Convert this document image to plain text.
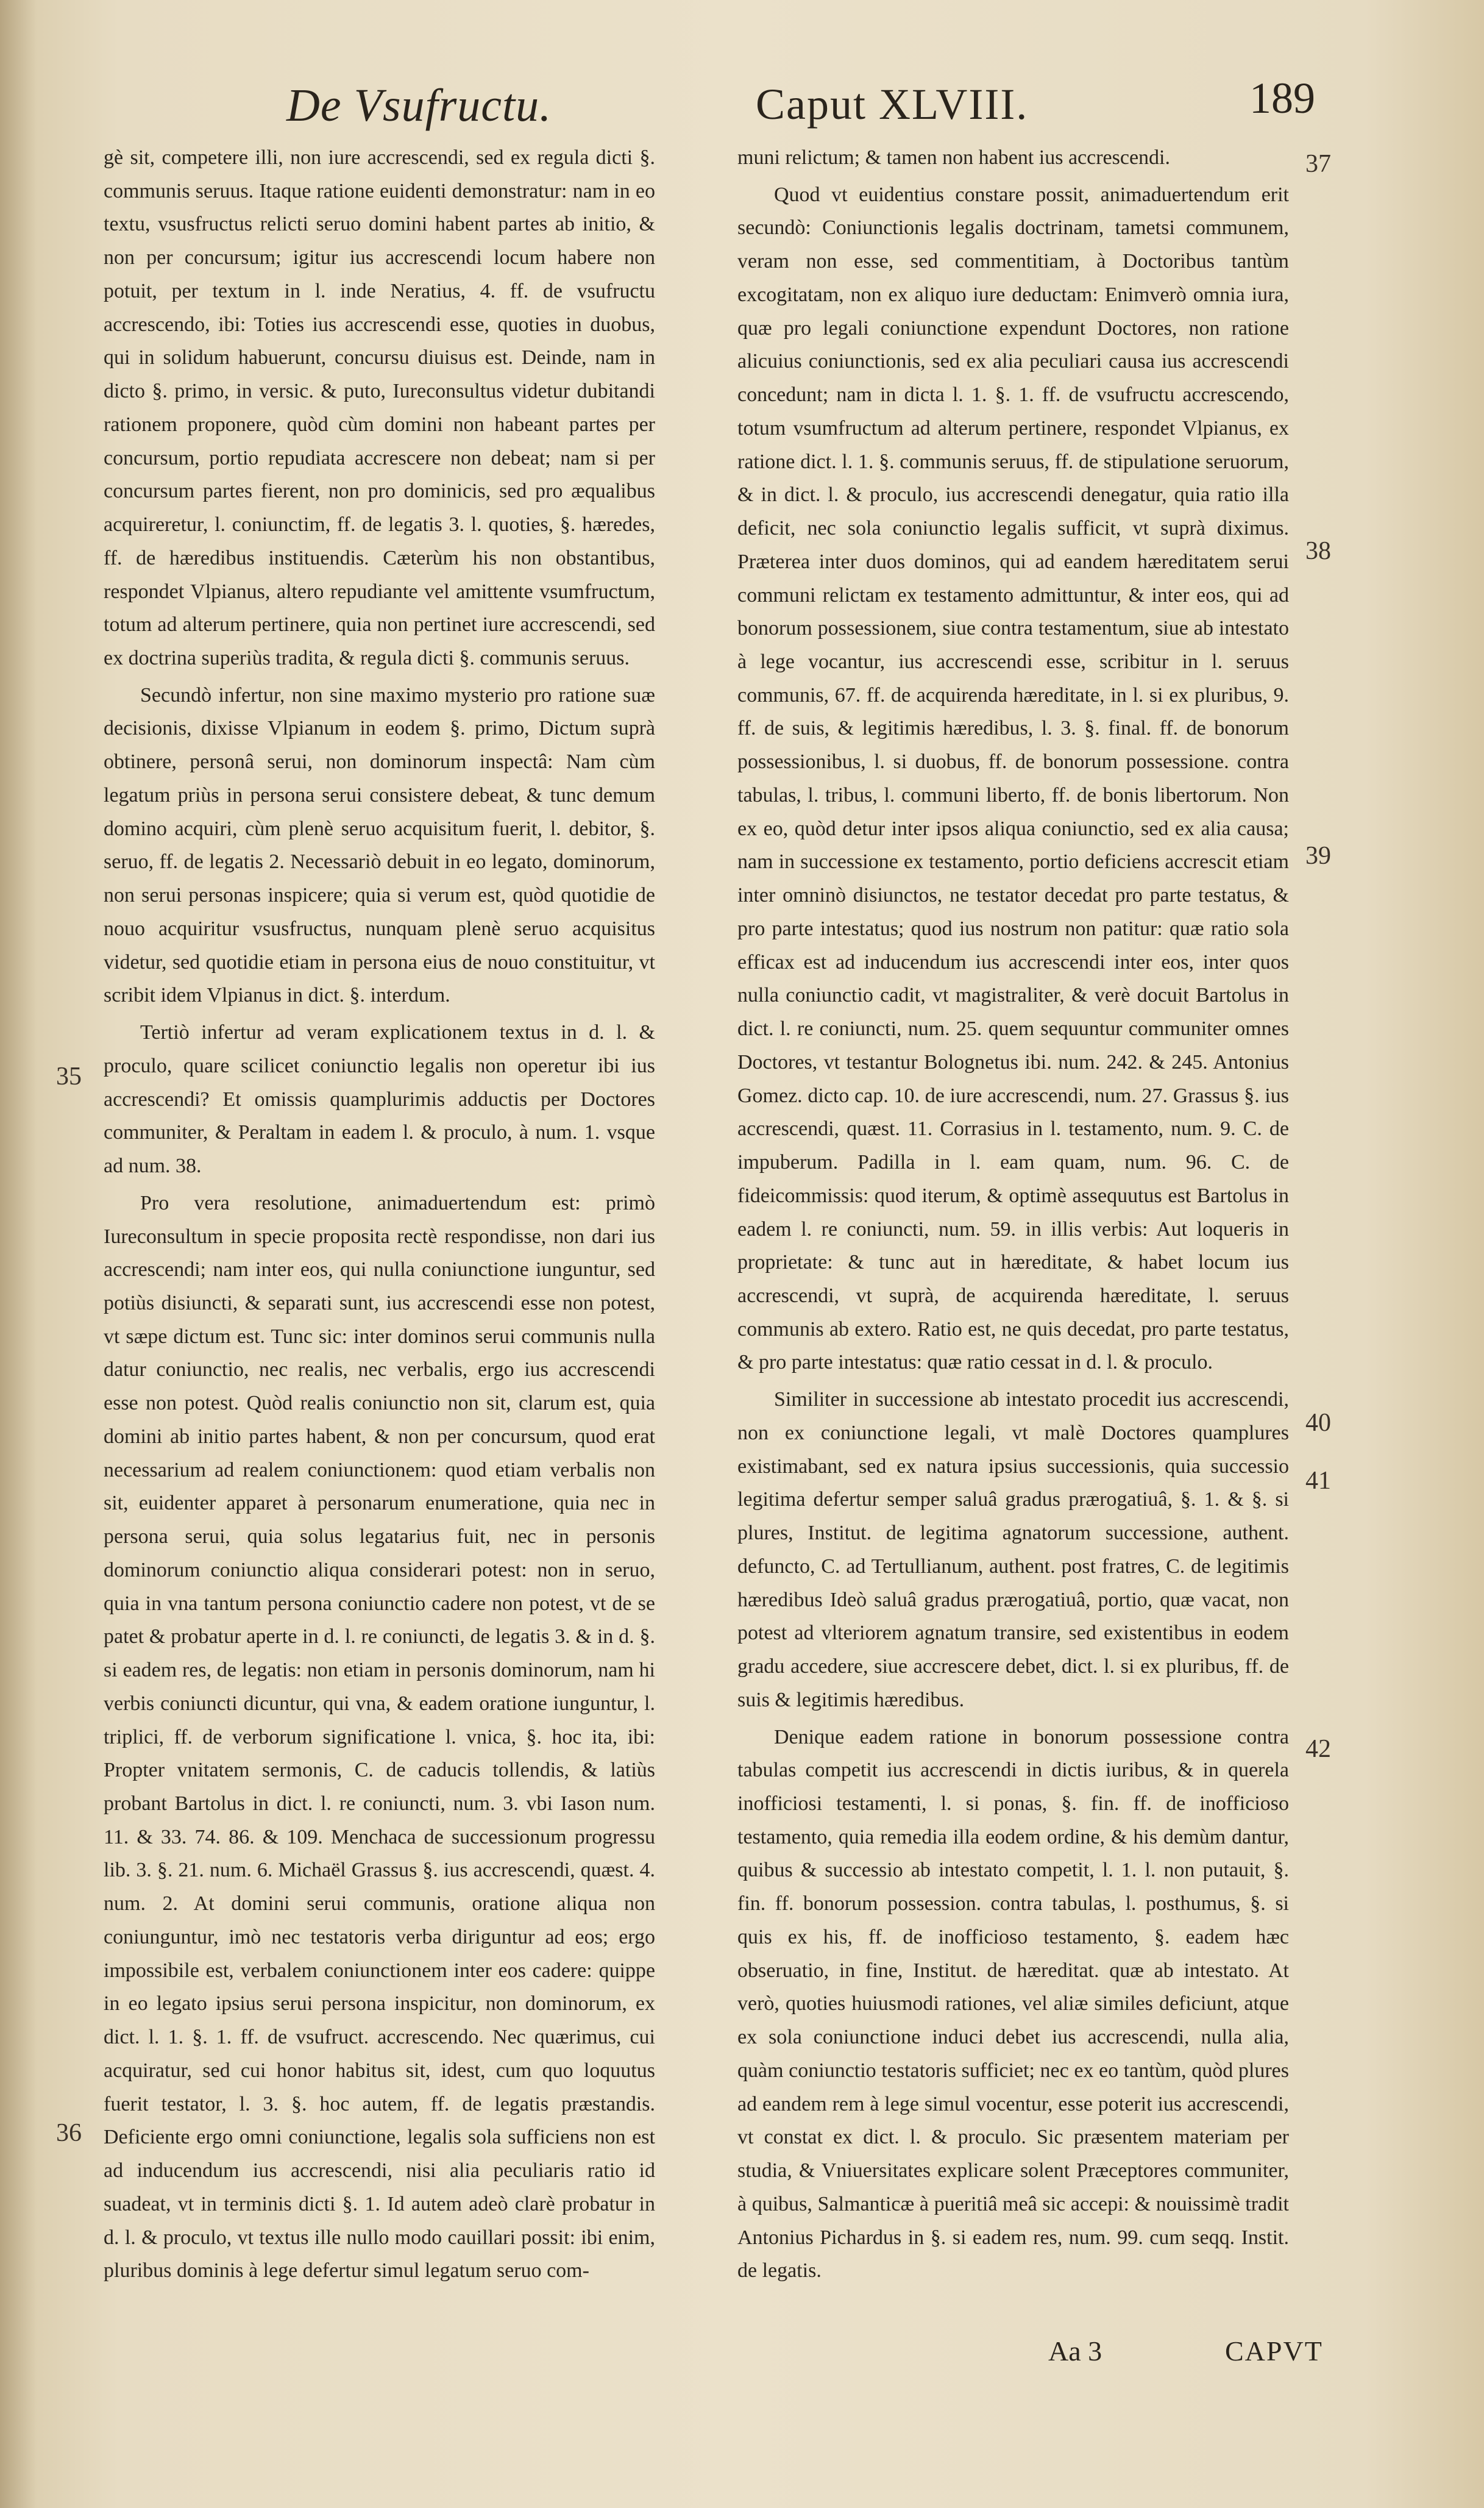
De Vsufructu.	Caput XLVIII.	189

gè sit, competere illi, non iure accrescendi, sed ex regula dicti §. communis seruus. Itaque ratione euidenti demonstratur: nam in eo textu, vsusfructus relicti seruo domini habent partes ab initio, & non per concursum; igitur ius accrescendi locum habere non potuit, per textum in l. inde Neratius, 4. ff. de vsufructu accrescendo, ibi: Toties ius accrescendi esse, quoties in duobus, qui in solidum habuerunt, concursu diuisus est. Deinde, nam in dicto §. primo, in versic. & puto, Iureconsultus videtur dubitandi rationem proponere, quòd cùm domini non habeant partes per concursum, portio repudiata accrescere non debeat; nam si per concursum partes fierent, non pro dominicis, sed pro æqualibus acquireretur, l. coniunctim, ff. de legatis 3. l. quoties, §. hæredes, ff. de hæredibus instituendis. Cæterùm his non obstantibus, respondet Vlpianus, altero repudiante vel amittente vsumfructum, totum ad alterum pertinere, quia non pertinet iure accrescendi, sed ex doctrina superiùs tradita, & regula dicti §. communis seruus.

Secundò infertur, non sine maximo mysterio pro ratione suæ decisionis, dixisse Vlpianum in eodem §. primo, Dictum suprà obtinere, personâ serui, non dominorum inspectâ: Nam cùm legatum priùs in persona serui consistere debeat, & tunc demum domino acquiri, cùm plenè seruo acquisitum fuerit, l. debitor, §. seruo, ff. de legatis 2. Necessariò debuit in eo legato, dominorum, non serui personas inspicere; quia si verum est, quòd quotidie de nouo acquiritur vsusfructus, nunquam plenè seruo acquisitus videtur, sed quotidie etiam in persona eius de nouo constituitur, vt scribit idem Vlpianus in dict. §. interdum.

Tertiò infertur ad veram explicationem textus in d. l. & proculo, quare scilicet coniunctio legalis non operetur ibi ius accrescendi? Et omissis quamplurimis adductis per Doctores communiter, & Peraltam in eadem l. & proculo, à num. 1. vsque ad num. 38.

Pro vera resolutione, animaduertendum est: primò Iureconsultum in specie proposita rectè respondisse, non dari ius accrescendi; nam inter eos, qui nulla coniunctione iunguntur, sed potiùs disiuncti, & separati sunt, ius accrescendi esse non potest, vt sæpe dictum est. Tunc sic: inter dominos serui communis nulla datur coniunctio, nec realis, nec verbalis, ergo ius accrescendi esse non potest. Quòd realis coniunctio non sit, clarum est, quia domini ab initio partes habent, & non per concursum, quod erat necessarium ad realem coniunctionem: quod etiam verbalis non sit, euidenter apparet à personarum enumeratione, quia nec in persona serui, quia solus legatarius fuit, nec in personis dominorum coniunctio aliqua considerari potest: non in seruo, quia in vna tantum persona coniunctio cadere non potest, vt de se patet & probatur aperte in d. l. re coniuncti, de legatis 3. & in d. §. si eadem res, de legatis: non etiam in personis dominorum, nam hi verbis coniuncti dicuntur, qui vna, & eadem oratione iunguntur, l. triplici, ff. de verborum significatione l. vnica, §. hoc ita, ibi: Propter vnitatem sermonis, C. de caducis tollendis, & latiùs probant Bartolus in dict. l. re coniuncti, num. 3. vbi Iason num. 11. & 33. 74. 86. & 109. Menchaca de successionum progressu lib. 3. §. 21. num. 6. Michaël Grassus §. ius accrescendi, quæst. 4. num. 2. At domini serui communis, oratione aliqua non coniunguntur, imò nec testatoris verba diriguntur ad eos; ergo impossibile est, verbalem coniunctionem inter eos cadere: quippe in eo legato ipsius serui persona inspicitur, non dominorum, ex dict. l. 1. §. 1. ff. de vsufruct. accrescendo. Nec quærimus, cui acquiratur, sed cui honor habitus sit, idest, cum quo loquutus fuerit testator, l. 3. §. hoc autem, ff. de legatis præstandis. Deficiente ergo omni coniunctione, legalis sola sufficiens non est ad inducendum ius accrescendi, nisi alia peculiaris ratio id suadeat, vt in terminis dicti §. 1. Id autem adeò clarè probatur in d. l. & proculo, vt textus ille nullo modo cauillari possit: ibi enim, pluribus dominis à lege defertur simul legatum seruo com-

muni relictum; & tamen non habent ius accrescendi.

Quod vt euidentius constare possit, animaduertendum erit secundò: Coniunctionis legalis doctrinam, tametsi communem, veram non esse, sed commentitiam, à Doctoribus tantùm excogitatam, non ex aliquo iure deductam: Enimverò omnia iura, quæ pro legali coniunctione expendunt Doctores, non ratione alicuius coniunctionis, sed ex alia peculiari causa ius accrescendi concedunt; nam in dicta l. 1. §. 1. ff. de vsufructu accrescendo, totum vsumfructum ad alterum pertinere, respondet Vlpianus, ex ratione dict. l. 1. §. communis seruus, ff. de stipulatione seruorum, & in dict. l. & proculo, ius accrescendi denegatur, quia ratio illa deficit, nec sola coniunctio legalis sufficit, vt suprà diximus. Præterea inter duos dominos, qui ad eandem hæreditatem serui communi relictam ex testamento admittuntur, & inter eos, qui ad bonorum possessionem, siue contra testamentum, siue ab intestato à lege vocantur, ius accrescendi esse, scribitur in l. seruus communis, 67. ff. de acquirenda hæreditate, in l. si ex pluribus, 9. ff. de suis, & legitimis hæredibus, l. 3. §. final. ff. de bonorum possessionibus, l. si duobus, ff. de bonorum possessione. contra tabulas, l. tribus, l. communi liberto, ff. de bonis libertorum. Non ex eo, quòd detur inter ipsos aliqua coniunctio, sed ex alia causa; nam in successione ex testamento, portio deficiens accrescit etiam inter omninò disiunctos, ne testator decedat pro parte testatus, & pro parte intestatus; quod ius nostrum non patitur: quæ ratio sola efficax est ad inducendum ius accrescendi inter eos, inter quos nulla coniunctio cadit, vt magistraliter, & verè docuit Bartolus in dict. l. re coniuncti, num. 25. quem sequuntur communiter omnes Doctores, vt testantur Bolognetus ibi. num. 242. & 245. Antonius Gomez. dicto cap. 10. de iure accrescendi, num. 27. Grassus §. ius accrescendi, quæst. 11. Corrasius in l. testamento, num. 9. C. de impuberum. Padilla in l. eam quam, num. 96. C. de fideicommissis: quod iterum, & optimè assequutus est Bartolus in eadem l. re coniuncti, num. 59. in illis verbis: Aut loqueris in proprietate: & tunc aut in hæreditate, & habet locum ius accrescendi, vt suprà, de acquirenda hæreditate, l. seruus communis ab extero. Ratio est, ne quis decedat, pro parte testatus, & pro parte intestatus: quæ ratio cessat in d. l. & proculo.

Similiter in successione ab intestato procedit ius accrescendi, non ex coniunctione legali, vt malè Doctores quamplures existimabant, sed ex natura ipsius successionis, quia successio legitima defertur semper saluâ gradus prærogatiuâ, §. 1. & §. si plures, Institut. de legitima agnatorum successione, authent. defuncto, C. ad Tertullianum, authent. post fratres, C. de legitimis hæredibus Ideò saluâ gradus prærogatiuâ, portio, quæ vacat, non potest ad vlteriorem agnatum transire, sed existentibus in eodem gradu accedere, siue accrescere debet, dict. l. si ex pluribus, ff. de suis & legitimis hæredibus.

Denique eadem ratione in bonorum possessione contra tabulas competit ius accrescendi in dictis iuribus, & in querela inofficiosi testamenti, l. si ponas, §. fin. ff. de inofficioso testamento, quia remedia illa eodem ordine, & his demùm dantur, quibus & successio ab intestato competit, l. 1. l. non putauit, §. fin. ff. bonorum possession. contra tabulas, l. posthumus, §. si quis ex his, ff. de inofficioso testamento, §. eadem hæc obseruatio, in fine, Institut. de hæreditat. quæ ab intestato. At verò, quoties huiusmodi rationes, vel aliæ similes deficiunt, atque ex sola coniunctione induci debet ius accrescendi, nulla alia, quàm coniunctio testatoris sufficiet; nec ex eo tantùm, quòd plures ad eandem rem à lege simul vocentur, esse poterit ius accrescendi, vt constat ex dict. l. & proculo. Sic præsentem materiam per studia, & Vniuersitates explicare solent Præceptores communiter, à quibus, Salmanticæ à pueritiâ meâ sic accepi: & nouissimè tradit Antonius Pichardus in §. si eadem res, num. 99. cum seqq. Instit. de legatis.

35
36
37
38
39
40
41
42
Aa 3	CAPVT
